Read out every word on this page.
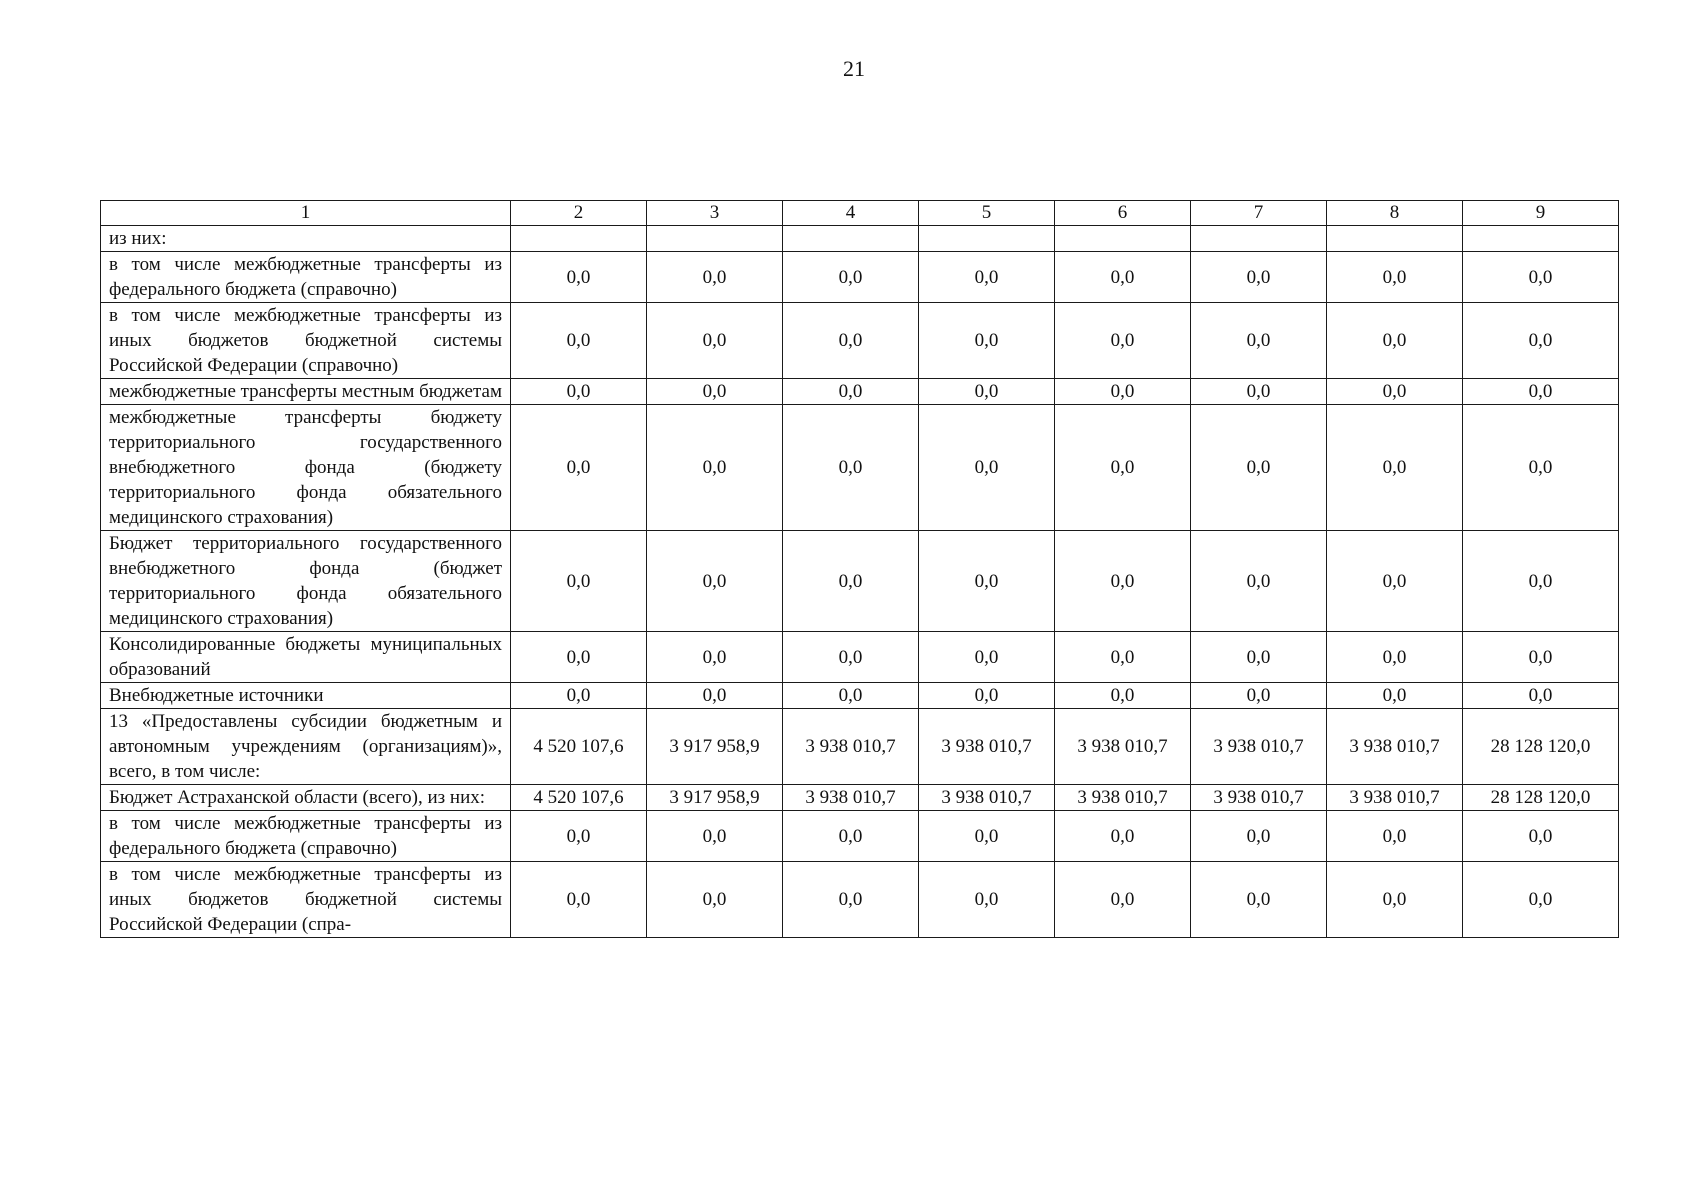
21
1	2	3	4	5	6	7	8	9
из них:								
в том числе межбюджетные трансферты из федерального бюджета (справочно)	0,0	0,0	0,0	0,0	0,0	0,0	0,0	0,0
в том числе межбюджетные трансферты из иных бюджетов бюджетной системы Российской Федерации (справочно)	0,0	0,0	0,0	0,0	0,0	0,0	0,0	0,0
межбюджетные трансферты местным бюджетам	0,0	0,0	0,0	0,0	0,0	0,0	0,0	0,0
межбюджетные трансферты бюджету территориального государственного внебюджетного фонда (бюджету территориального фонда обязательного медицинского страхования)	0,0	0,0	0,0	0,0	0,0	0,0	0,0	0,0
Бюджет территориального государственного внебюджетного фонда (бюджет территориального фонда обязательного медицинского страхования)	0,0	0,0	0,0	0,0	0,0	0,0	0,0	0,0
Консолидированные бюджеты муниципальных образований	0,0	0,0	0,0	0,0	0,0	0,0	0,0	0,0
Внебюджетные источники	0,0	0,0	0,0	0,0	0,0	0,0	0,0	0,0
13 «Предоставлены субсидии бюджетным и автономным учреждениям (организациям)», всего, в том числе:	4 520 107,6	3 917 958,9	3 938 010,7	3 938 010,7	3 938 010,7	3 938 010,7	3 938 010,7	28 128 120,0
Бюджет Астраханской области (всего), из них:	4 520 107,6	3 917 958,9	3 938 010,7	3 938 010,7	3 938 010,7	3 938 010,7	3 938 010,7	28 128 120,0
в том числе межбюджетные трансферты из федерального бюджета (справочно)	0,0	0,0	0,0	0,0	0,0	0,0	0,0	0,0
в том числе межбюджетные трансферты из иных бюджетов бюджетной системы Российской Федерации (спра-	0,0	0,0	0,0	0,0	0,0	0,0	0,0	0,0
